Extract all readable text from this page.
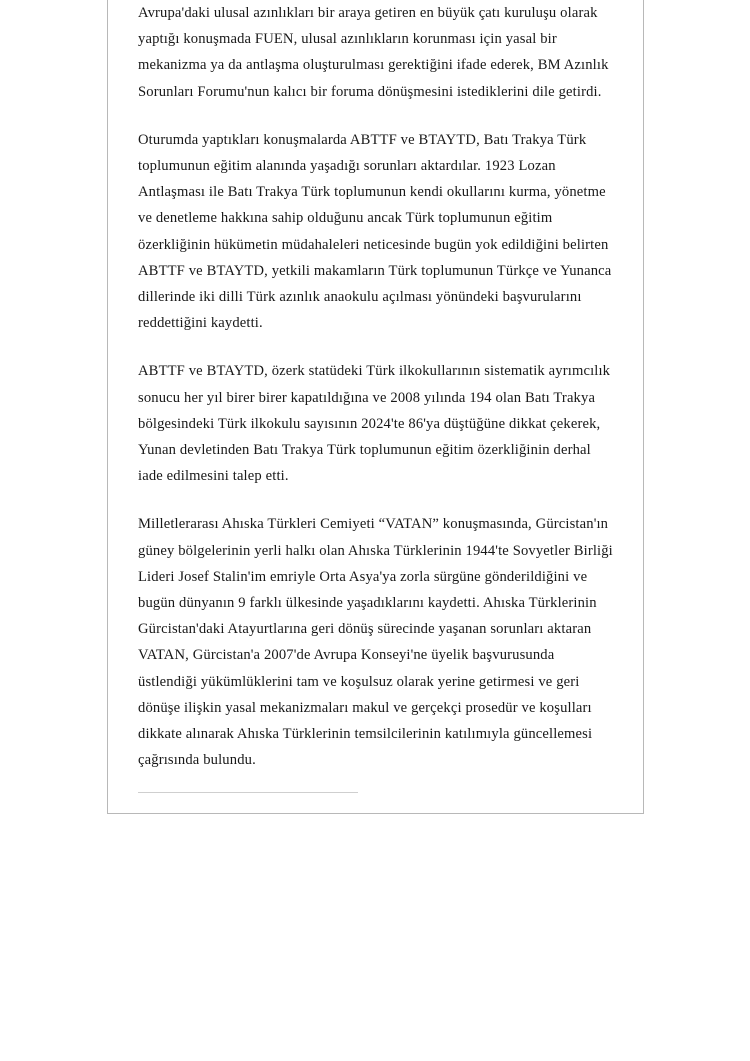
Avrupa'daki ulusal azınlıkları bir araya getiren en büyük çatı kuruluşu olarak yaptığı konuşmada FUEN, ulusal azınlıkların korunması için yasal bir mekanizma ya da antlaşma oluşturulması gerektiğini ifade ederek, BM Azınlık Sorunları Forumu'nun kalıcı bir foruma dönüşmesini istediklerini dile getirdi.

Oturumda yaptıkları konuşmalarda ABTTF ve BTAYTD, Batı Trakya Türk toplumunun eğitim alanında yaşadığı sorunları aktardılar. 1923 Lozan Antlaşması ile Batı Trakya Türk toplumunun kendi okullarını kurma, yönetme ve denetleme hakkına sahip olduğunu ancak Türk toplumunun eğitim özerkliğinin hükümetin müdahaleleri neticesinde bugün yok edildiğini belirten ABTTF ve BTAYTD, yetkili makamların Türk toplumunun Türkçe ve Yunanca dillerinde iki dilli Türk azınlık anaokulu açılması yönündeki başvurularını reddettiğini kaydetti.

ABTTF ve BTAYTD, özerk statüdeki Türk ilkokullarının sistematik ayrımcılık sonucu her yıl birer birer kapatıldığına ve 2008 yılında 194 olan Batı Trakya bölgesindeki Türk ilkokulu sayısının 2024'te 86'ya düştüğüne dikkat çekerek, Yunan devletinden Batı Trakya Türk toplumunun eğitim özerkliğinin derhal iade edilmesini talep etti.

Milletlerarası Ahıska Türkleri Cemiyeti “VATAN” konuşmasında, Gürcistan'ın güney bölgelerinin yerli halkı olan Ahıska Türklerinin 1944'te Sovyetler Birliği Lideri Josef Stalin'im emriyle Orta Asya'ya zorla sürgüne gönderildiğini ve bugün dünyanın 9 farklı ülkesinde yaşadıklarını kaydetti. Ahıska Türklerinin Gürcistan'daki Atayurtlarına geri dönüş sürecinde yaşanan sorunları aktaran VATAN, Gürcistan'a 2007'de Avrupa Konseyi'ne üyelik başvurusunda üstlendiği yükümlüklerini tam ve koşulsuz olarak yerine getirmesi ve geri dönüşe ilişkin yasal mekanizmaları makul ve gerçekçi prosedür ve koşulları dikkate alınarak Ahıska Türklerinin temsilcilerinin katılımıyla güncellemesi çağrısında bulundu.
